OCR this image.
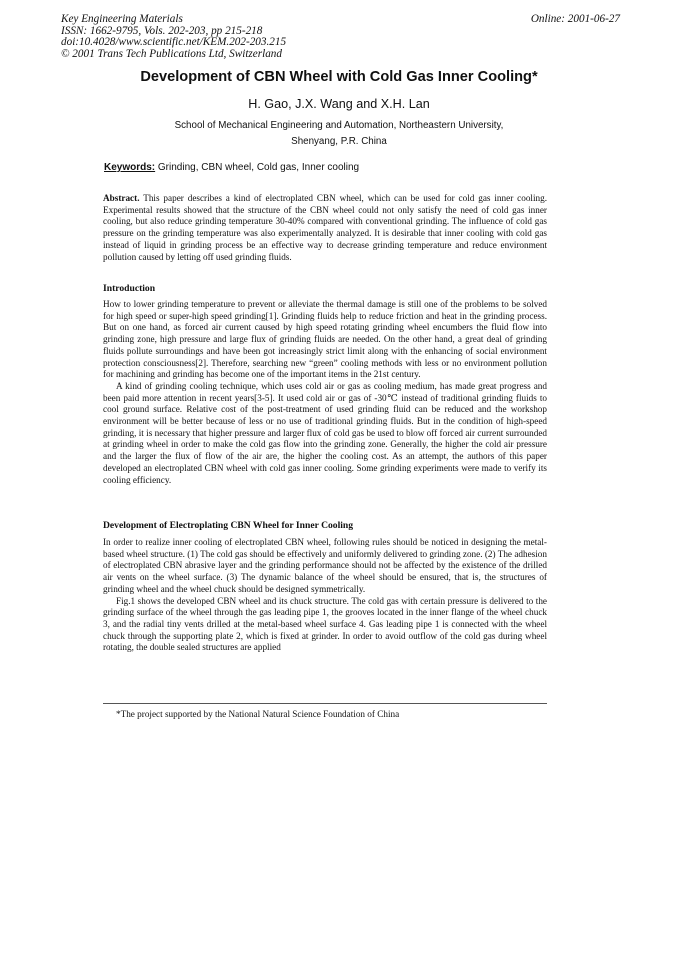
Key Engineering Materials
ISSN: 1662-9795, Vols. 202-203, pp 215-218
doi:10.4028/www.scientific.net/KEM.202-203.215
© 2001 Trans Tech Publications Ltd, Switzerland
Online: 2001-06-27
Development of CBN Wheel with Cold Gas Inner Cooling*
H. Gao, J.X. Wang and X.H. Lan
School of Mechanical Engineering and Automation, Northeastern University,
Shenyang, P.R. China
Keywords: Grinding, CBN wheel, Cold gas, Inner cooling

Abstract. This paper describes a kind of electroplated CBN wheel, which can be used for cold gas inner cooling. Experimental results showed that the structure of the CBN wheel could not only satisfy the need of cold gas inner cooling, but also reduce grinding temperature 30-40% compared with conventional grinding. The influence of cold gas pressure on the grinding temperature was also experimentally analyzed. It is desirable that inner cooling with cold gas instead of liquid in grinding process be an effective way to decrease grinding temperature and reduce environment pollution caused by letting off used grinding fluids.

Introduction

How to lower grinding temperature to prevent or alleviate the thermal damage is still one of the problems to be solved for high speed or super-high speed grinding[1]. Grinding fluids help to reduce friction and heat in the grinding process. But on one hand, as forced air current caused by high speed rotating grinding wheel encumbers the fluid flow into grinding zone, high pressure and large flux of grinding fluids are needed. On the other hand, a great deal of grinding fluids pollute surroundings and have been got increasingly strict limit along with the enhancing of social environment protection consciousness[2]. Therefore, searching new “green” cooling methods with less or no environment pollution for machining and grinding has become one of the important items in the 21st century.

A kind of grinding cooling technique, which uses cold air or gas as cooling medium, has made great progress and been paid more attention in recent years[3-5]. It used cold air or gas of -30℃ instead of traditional grinding fluids to cool ground surface. Relative cost of the post-treatment of used grinding fluid can be reduced and the workshop environment will be better because of less or no use of traditional grinding fluids. But in the condition of high-speed grinding, it is necessary that higher pressure and larger flux of cold gas be used to blow off forced air current surrounded at grinding wheel in order to make the cold gas flow into the grinding zone. Generally, the higher the cold air pressure and the larger the flux of flow of the air are, the higher the cooling cost. As an attempt, the authors of this paper developed an electroplated CBN wheel with cold gas inner cooling. Some grinding experiments were made to verify its cooling efficiency.

Development of Electroplating CBN Wheel for Inner Cooling

In order to realize inner cooling of electroplated CBN wheel, following rules should be noticed in designing the metal-based wheel structure. (1) The cold gas should be effectively and uniformly delivered to grinding zone. (2) The adhesion of electroplated CBN abrasive layer and the grinding performance should not be affected by the existence of the drilled air vents on the wheel surface. (3) The dynamic balance of the wheel should be ensured, that is, the structures of grinding wheel and the wheel chuck should be designed symmetrically.

Fig.1 shows the developed CBN wheel and its chuck structure. The cold gas with certain pressure is delivered to the grinding surface of the wheel through the gas leading pipe 1, the grooves located in the inner flange of the wheel chuck 3, and the radial tiny vents drilled at the metal-based wheel surface 4. Gas leading pipe 1 is connected with the wheel chuck through the supporting plate 2, which is fixed at grinder. In order to avoid outflow of the cold gas during wheel rotating, the double sealed structures are applied

*The project supported by the National Natural Science Foundation of China
